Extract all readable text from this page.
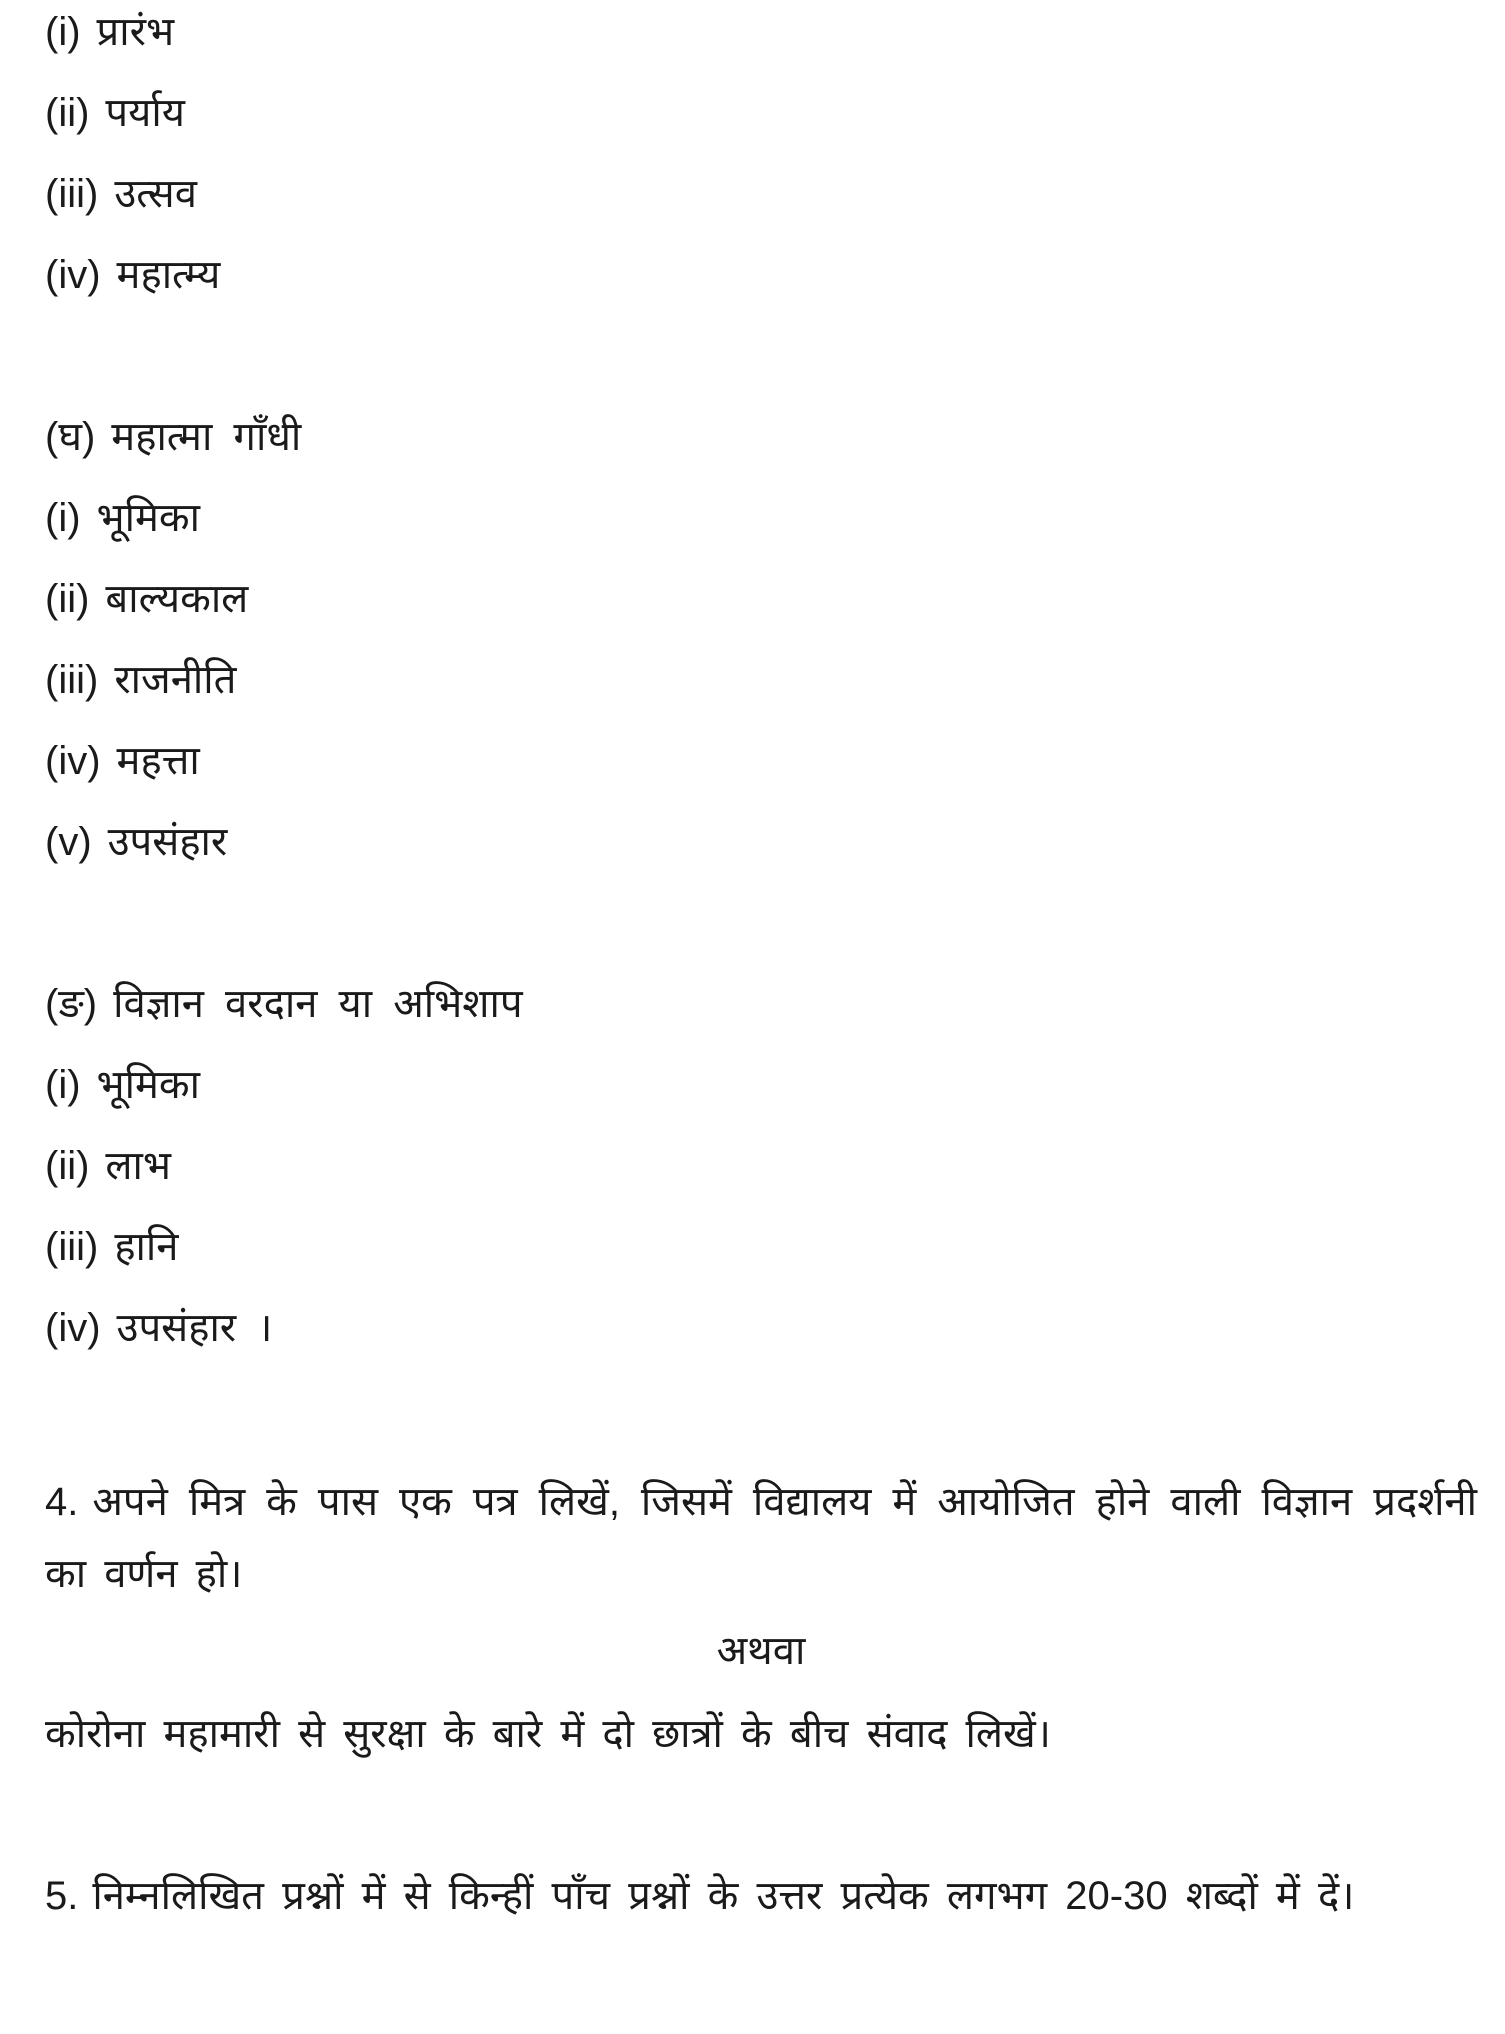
(i) प्रारंभ
(ii) पर्याय
(iii) उत्सव
(iv) महात्म्य
(घ) महात्मा गाँधी
(i) भूमिका
(ii) बाल्यकाल
(iii) राजनीति
(iv) महत्ता
(v) उपसंहार
(ङ) विज्ञान वरदान या अभिशाप
(i) भूमिका
(ii) लाभ
(iii) हानि
(iv) उपसंहार ।

4. अपने मित्र के पास एक पत्र लिखें, जिसमें विद्यालय में आयोजित होने वाली विज्ञान प्रदर्शनी का वर्णन हो।

अथवा

कोरोना महामारी से सुरक्षा के बारे में दो छात्रों के बीच संवाद लिखें।

5. निम्नलिखित प्रश्नों में से किन्हीं पाँच प्रश्नों के उत्तर प्रत्येक लगभग 20-30 शब्दों में दें।
